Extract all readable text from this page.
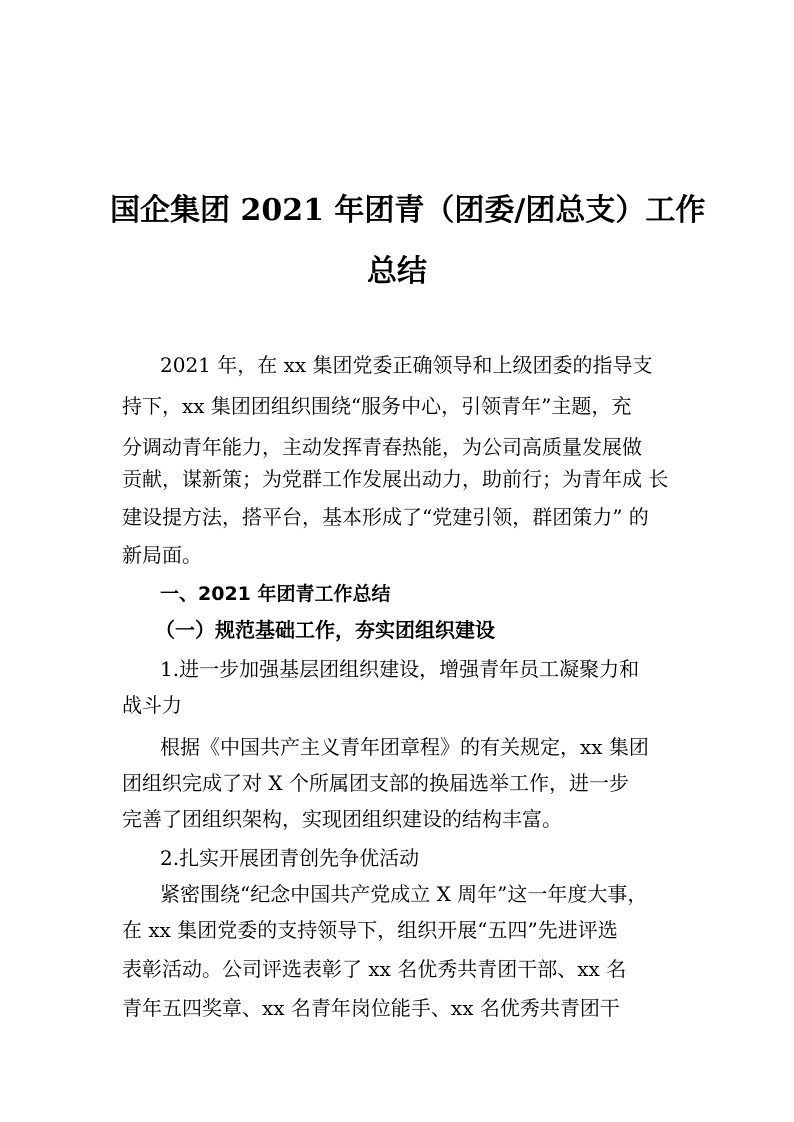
国企集团 2021 年团青（团委/团总支）工作
总结
2021 年，在 xx 集团党委正确领导和上级团委的指导支
持下，xx 集团团组织围绕“服务中心，引领青年”主题，充
分调动青年能力，主动发挥青春热能，为公司高质量发展做
贡献，谋新策；为党群工作发展出动力，助前行；为青年成 长
建设提方法，搭平台，基本形成了“党建引领，群团策力” 的
新局面。
一、2021 年团青工作总结
（一）规范基础工作，夯实团组织建设
1.进一步加强基层团组织建设，增强青年员工凝聚力和
战斗力
根据《中国共产主义青年团章程》的有关规定，xx 集团
团组织完成了对 X 个所属团支部的换届选举工作，进一步
完善了团组织架构，实现团组织建设的结构丰富。
2.扎实开展团青创先争优活动
紧密围绕“纪念中国共产党成立 X 周年”这一年度大事，
在 xx 集团党委的支持领导下，组织开展“五四”先进评选
表彰活动。公司评选表彰了 xx 名优秀共青团干部、xx 名
青年五四奖章、xx 名青年岗位能手、xx 名优秀共青团干
